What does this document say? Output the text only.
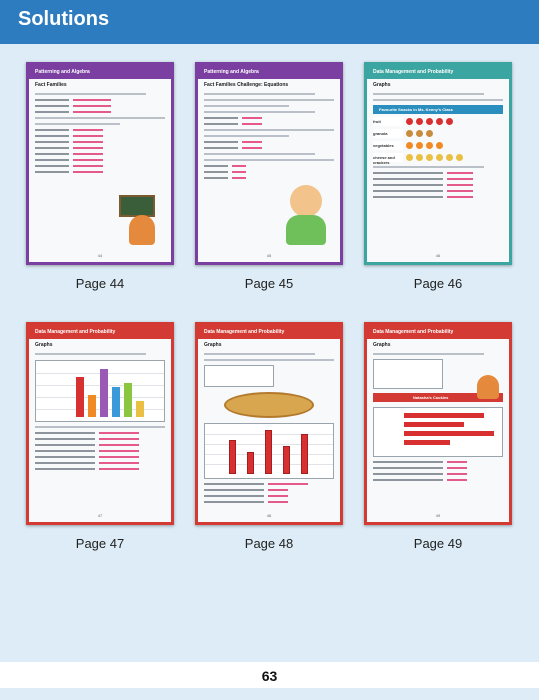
Solutions
Patterning and Algebra
Fact Families
44
Page 44
Patterning and Algebra
Fact Families Challenge: Equations
45
Page 45
Data Management and Probability
Graphs
Favourite Snacks in Ms. Kenny's Class
fruit
granola
vegetables
cheese and crackers
46
Page 46
Data Management and Probability
Graphs
47
Page 47
Data Management and Probability
Graphs
48
Page 48
Data Management and Probability
Graphs
Natasha's Cookies
49
Page 49
63
